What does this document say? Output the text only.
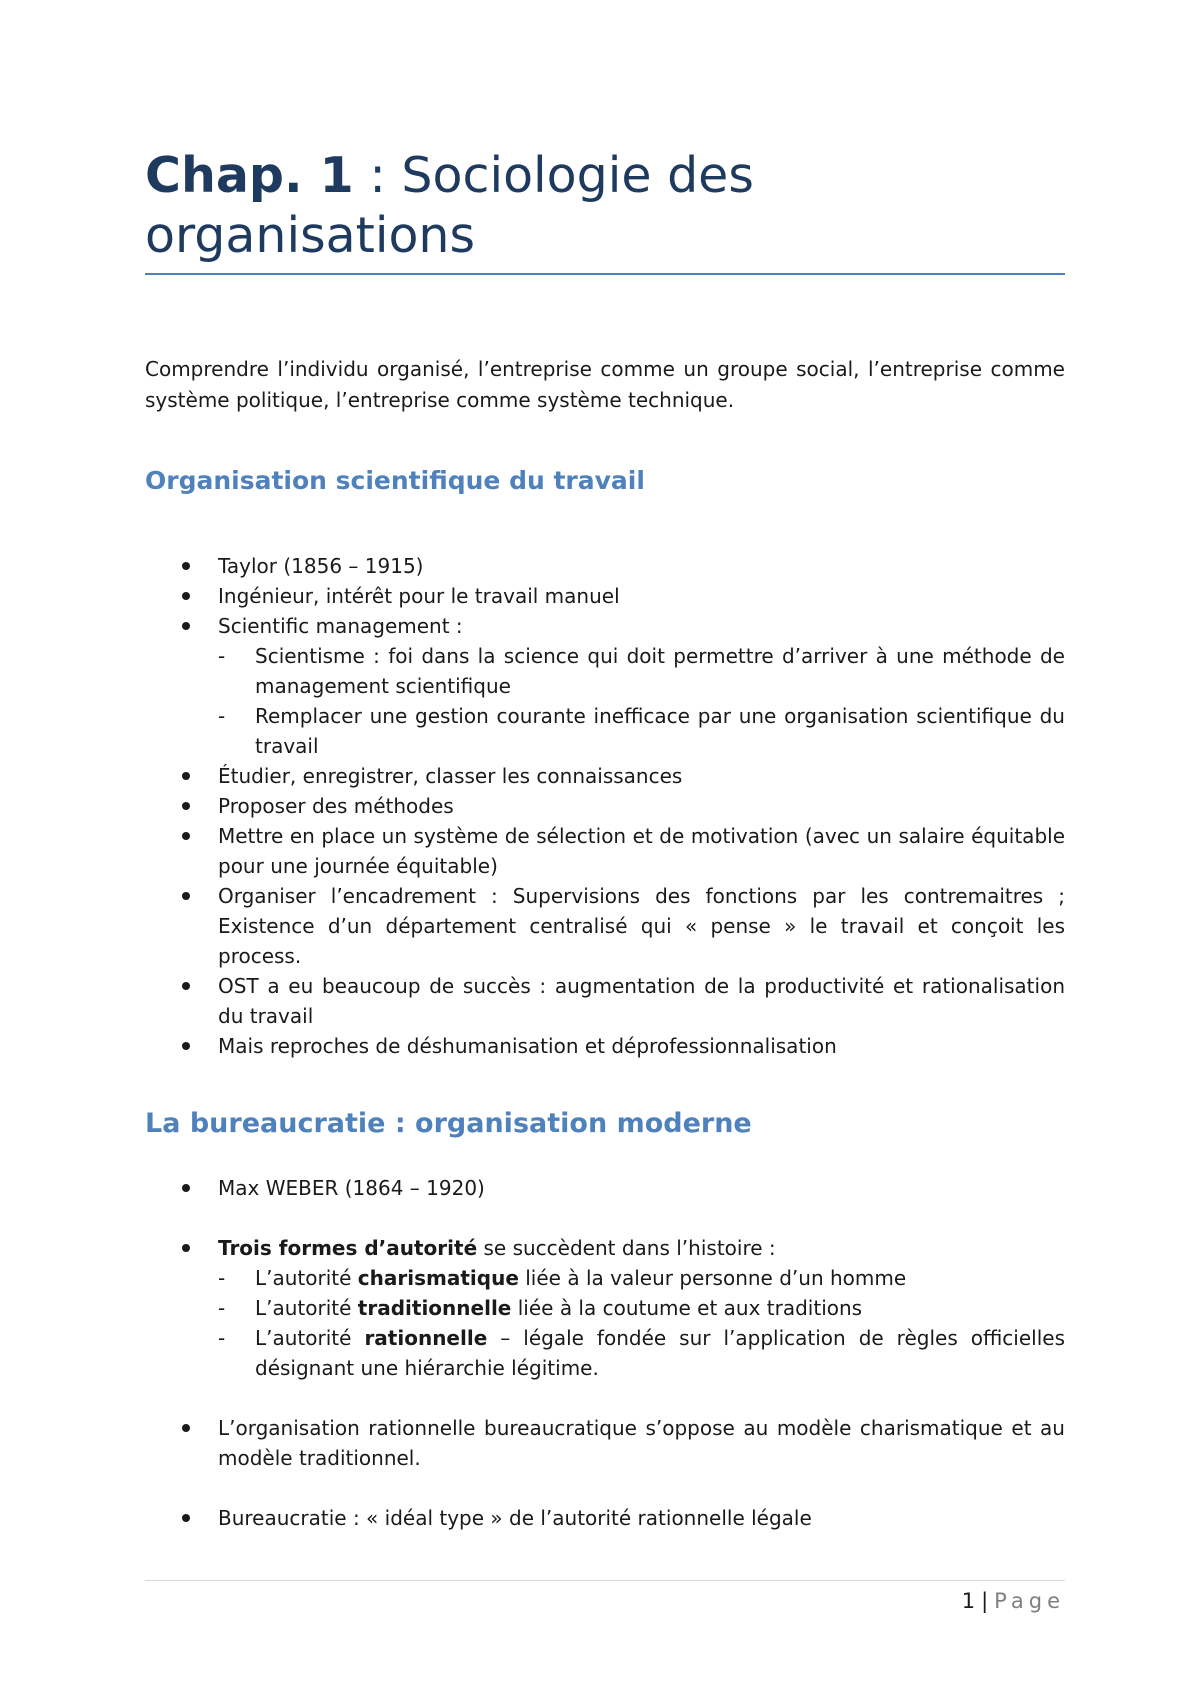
Chap. 1 : Sociologie des organisations

Comprendre l’individu organisé, l’entreprise comme un groupe social, l’entreprise comme système politique, l’entreprise comme système technique.

Organisation scientifique du travail
Taylor (1856 – 1915)
Ingénieur, intérêt pour le travail manuel
Scientific management :
- Scientisme : foi dans la science qui doit permettre d’arriver à une méthode de management scientifique
- Remplacer une gestion courante inefficace par une organisation scientifique du travail
Étudier, enregistrer, classer les connaissances
Proposer des méthodes
Mettre en place un système de sélection et de motivation (avec un salaire équitable pour une journée équitable)
Organiser l’encadrement : Supervisions des fonctions par les contremaitres ; Existence d’un département centralisé qui « pense » le travail et conçoit les process.
OST a eu beaucoup de succès : augmentation de la productivité et rationalisation du travail
Mais reproches de déshumanisation et déprofessionnalisation
La bureaucratie : organisation moderne
Max WEBER (1864 – 1920)
Trois formes d’autorité se succèdent dans l’histoire :
- L’autorité charismatique liée à la valeur personne d’un homme
- L’autorité traditionnelle liée à la coutume et aux traditions
- L’autorité rationnelle – légale fondée sur l’application de règles officielles désignant une hiérarchie légitime.
L’organisation rationnelle bureaucratique s’oppose au modèle charismatique et au modèle traditionnel.
Bureaucratie : « idéal type » de l’autorité rationnelle légale
1 | Page
